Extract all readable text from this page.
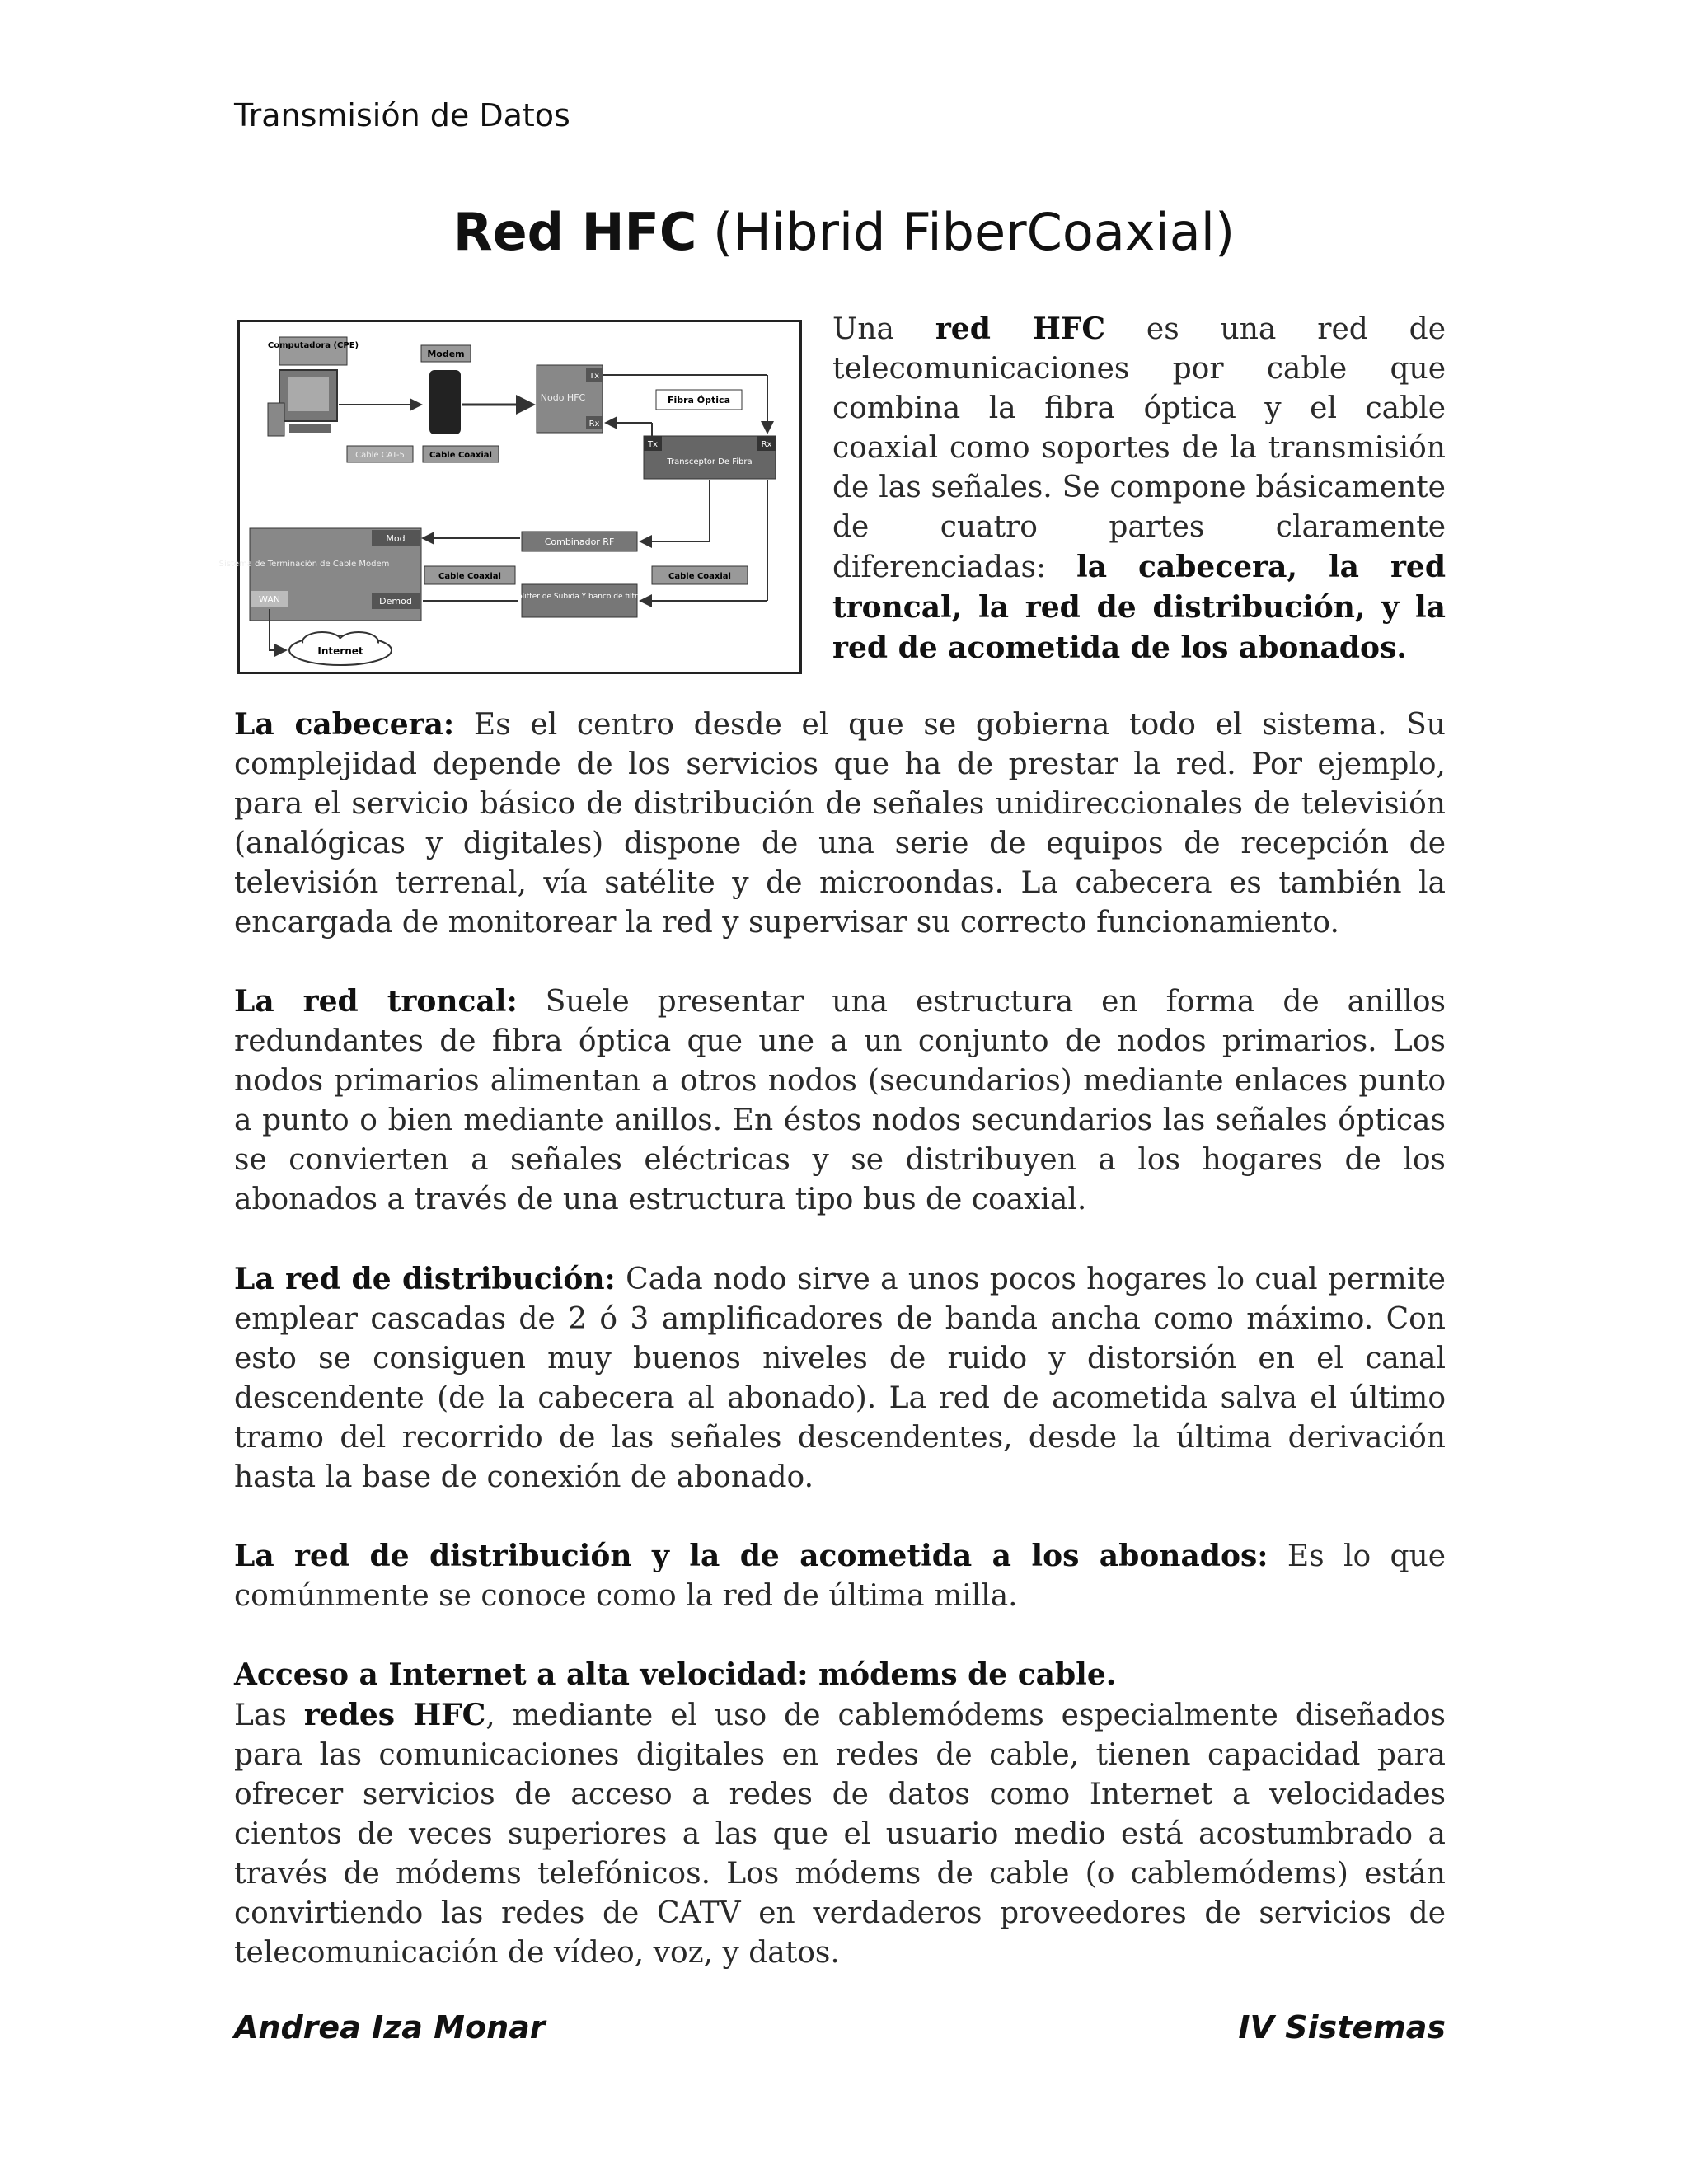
Transmisión de Datos
Red HFC (Hibrid FiberCoaxial)
Computadora (CPE)
Modem
Nodo HFC
Tx
Rx
Fibra Óptica
Cable CAT-5	Cable Coaxial
Tx	Rx
Transceptor De Fibra
Mod
Sistema de Terminación de Cable Modem
WAN	Demod
Cable Coaxial
Combinador RF
Splitter de Subida Y banco de filtros
Cable Coaxial
Internet
Una red HFC es una red de telecomunicaciones por cable que combina la fibra óptica y el cable coaxial como soportes de la transmisión de las señales. Se compone básicamente de cuatro partes claramente diferenciadas: la cabecera, la red troncal, la red de distribución, y la red de acometida de los abonados.
La cabecera: Es el centro desde el que se gobierna todo el sistema. Su complejidad depende de los servicios que ha de prestar la red. Por ejemplo, para el servicio básico de distribución de señales unidireccionales de televisión (analógicas y digitales) dispone de una serie de equipos de recepción de televisión terrenal, vía satélite y de microondas. La cabecera es también la encargada de monitorear la red y supervisar su correcto funcionamiento.
La red troncal: Suele presentar una estructura en forma de anillos redundantes de fibra óptica que une a un conjunto de nodos primarios. Los nodos primarios alimentan a otros nodos (secundarios) mediante enlaces punto a punto o bien mediante anillos. En éstos nodos secundarios las señales ópticas se convierten a señales eléctricas y se distribuyen a los hogares de los abonados a través de una estructura tipo bus de coaxial.
La red de distribución: Cada nodo sirve a unos pocos hogares lo cual permite emplear cascadas de 2 ó 3 amplificadores de banda ancha como máximo. Con esto se consiguen muy buenos niveles de ruido y distorsión en el canal descendente (de la cabecera al abonado). La red de acometida salva el último tramo del recorrido de las señales descendentes, desde la última derivación hasta la base de conexión de abonado.
La red de distribución y la de acometida a los abonados: Es lo que comúnmente se conoce como la red de última milla.
Acceso a Internet a alta velocidad: módems de cable.
Las redes HFC, mediante el uso de cablemódems especialmente diseñados para las comunicaciones digitales en redes de cable, tienen capacidad para ofrecer servicios de acceso a redes de datos como Internet a velocidades cientos de veces superiores a las que el usuario medio está acostumbrado a través de módems telefónicos. Los módems de cable (o cablemódems) están convirtiendo las redes de CATV en verdaderos proveedores de servicios de telecomunicación de vídeo, voz, y datos.
Andrea Iza Monar	IV Sistemas
